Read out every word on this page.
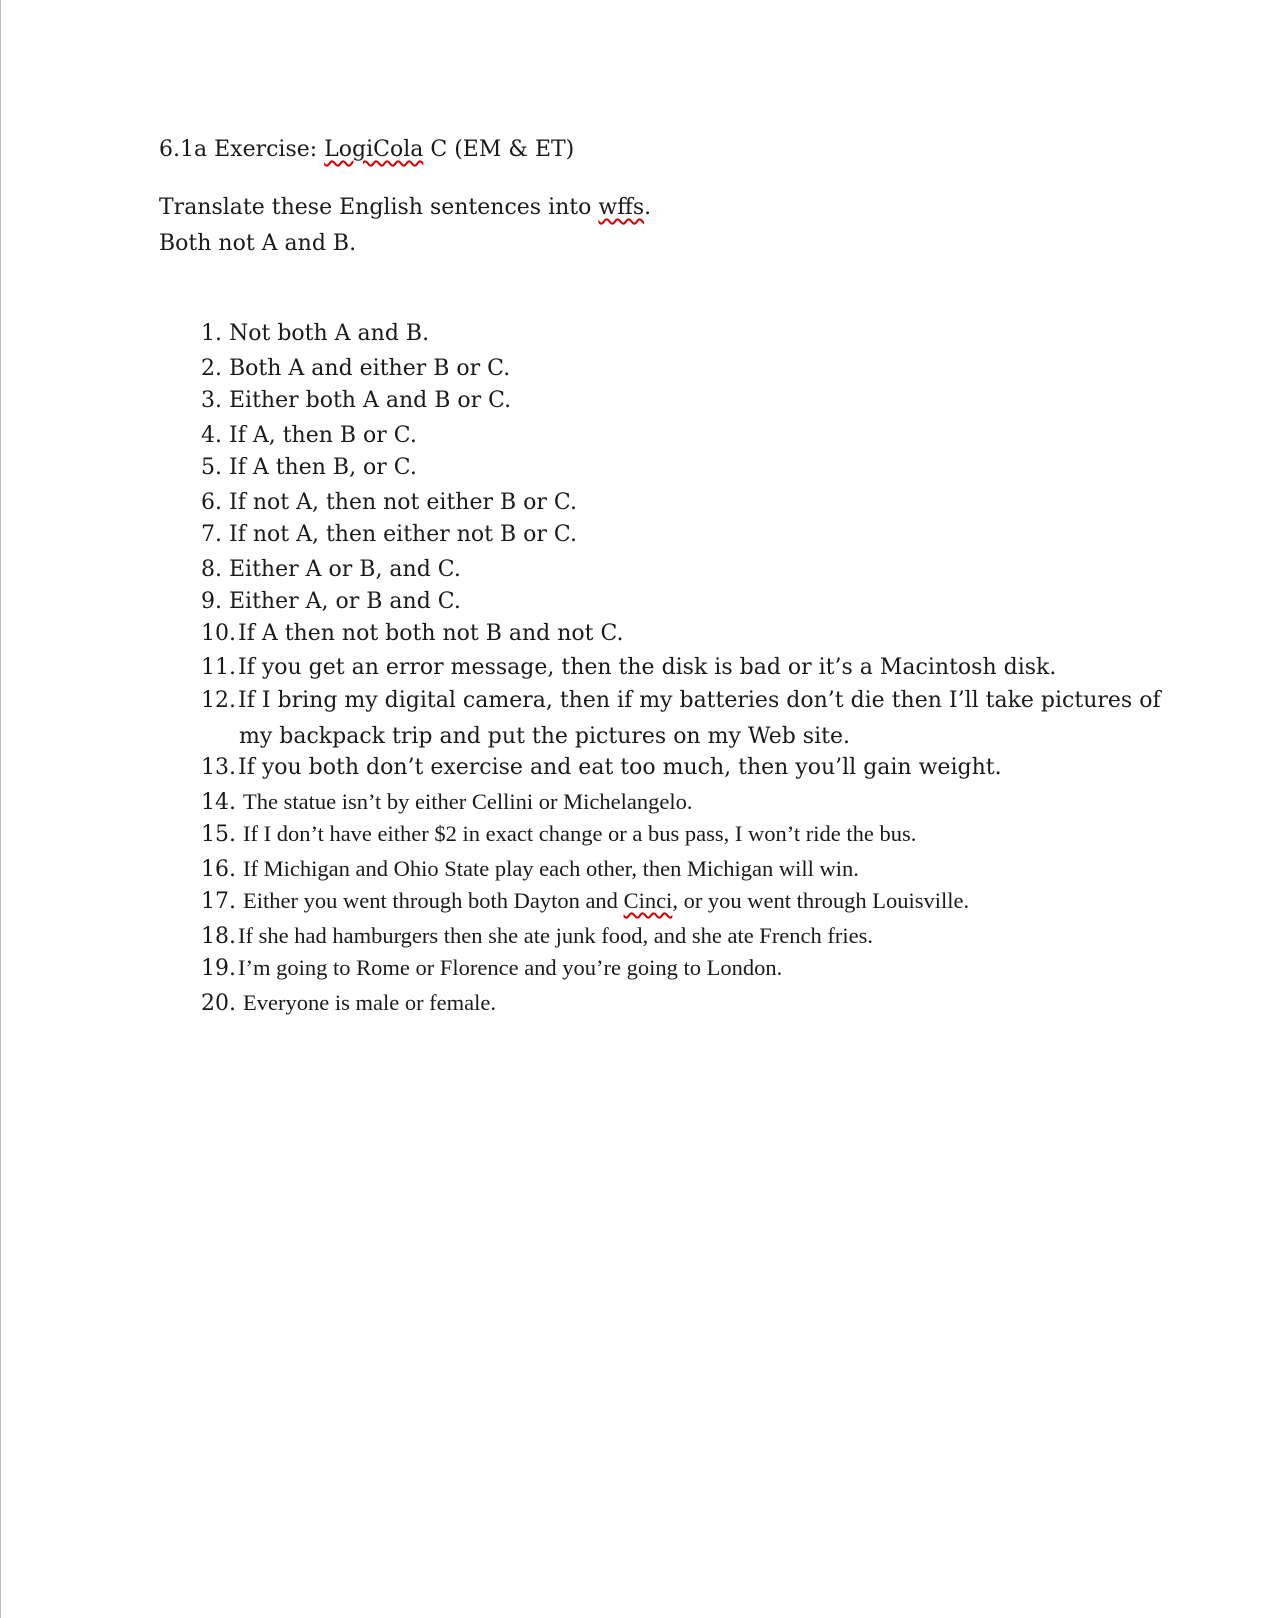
6.1a Exercise: LogiCola C (EM & ET)
Translate these English sentences into wffs.
Both not A and B.
1. Not both A and B.
2. Both A and either B or C.
3. Either both A and B or C.
4. If A, then B or C.
5. If A then B, or C.
6. If not A, then not either B or C.
7. If not A, then either not B or C.
8. Either A or B, and C.
9. Either A, or B and C.
10.If A then not both not B and not C.
11.If you get an error message, then the disk is bad or it’s a Macintosh disk.
12.If I bring my digital camera, then if my batteries don’t die then I’ll take pictures of
my backpack trip and put the pictures on my Web site.
13.If you both don’t exercise and eat too much, then you’ll gain weight.
14. The statue isn’t by either Cellini or Michelangelo.
15. If I don’t have either $2 in exact change or a bus pass, I won’t ride the bus.
16. If Michigan and Ohio State play each other, then Michigan will win.
17. Either you went through both Dayton and Cinci, or you went through Louisville.
18.If she had hamburgers then she ate junk food, and she ate French fries.
19.I’m going to Rome or Florence and you’re going to London.
20. Everyone is male or female.
